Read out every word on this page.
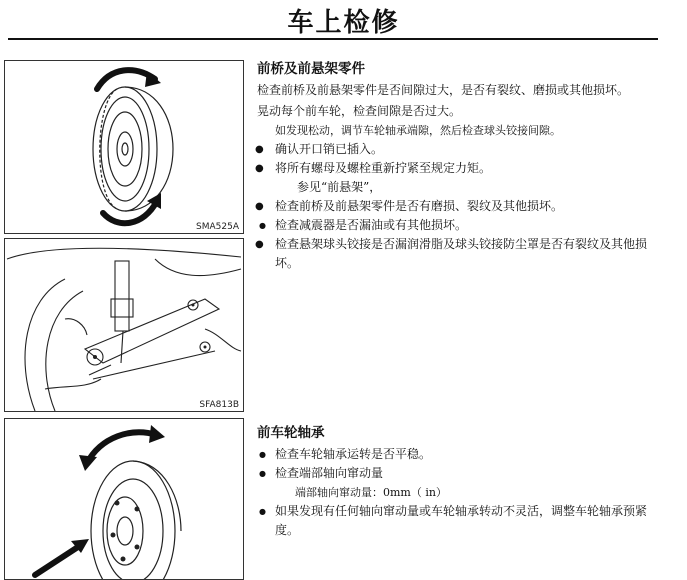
车上检修
SMA525A
SFA813B
前桥及前悬架零件

检查前桥及前悬架零件是否间隙过大，是否有裂纹、磨损或其他损坏。

晃动每个前车轮，检查间隙是否过大。

如发现松动，调节车轮轴承端隙，然后检查球头铰接间隙。
● 确认开口销已插入。
● 将所有螺母及螺栓重新拧紧至规定力矩。
参见“前悬架”，
● 检查前桥及前悬架零件是否有磨损、裂纹及其他损坏。
● 检查减震器是否漏油或有其他损坏。
● 检查悬架球头铰接是否漏润滑脂及球头铰接防尘罩是否有裂纹及其他损坏。
前车轮轴承
● 检查车轮轴承运转是否平稳。
● 检查端部轴向窜动量
端部轴向窜动量：0mm（ in）
● 如果发现有任何轴向窜动量或车轮轴承转动不灵活，调整车轮轴承预紧度。
